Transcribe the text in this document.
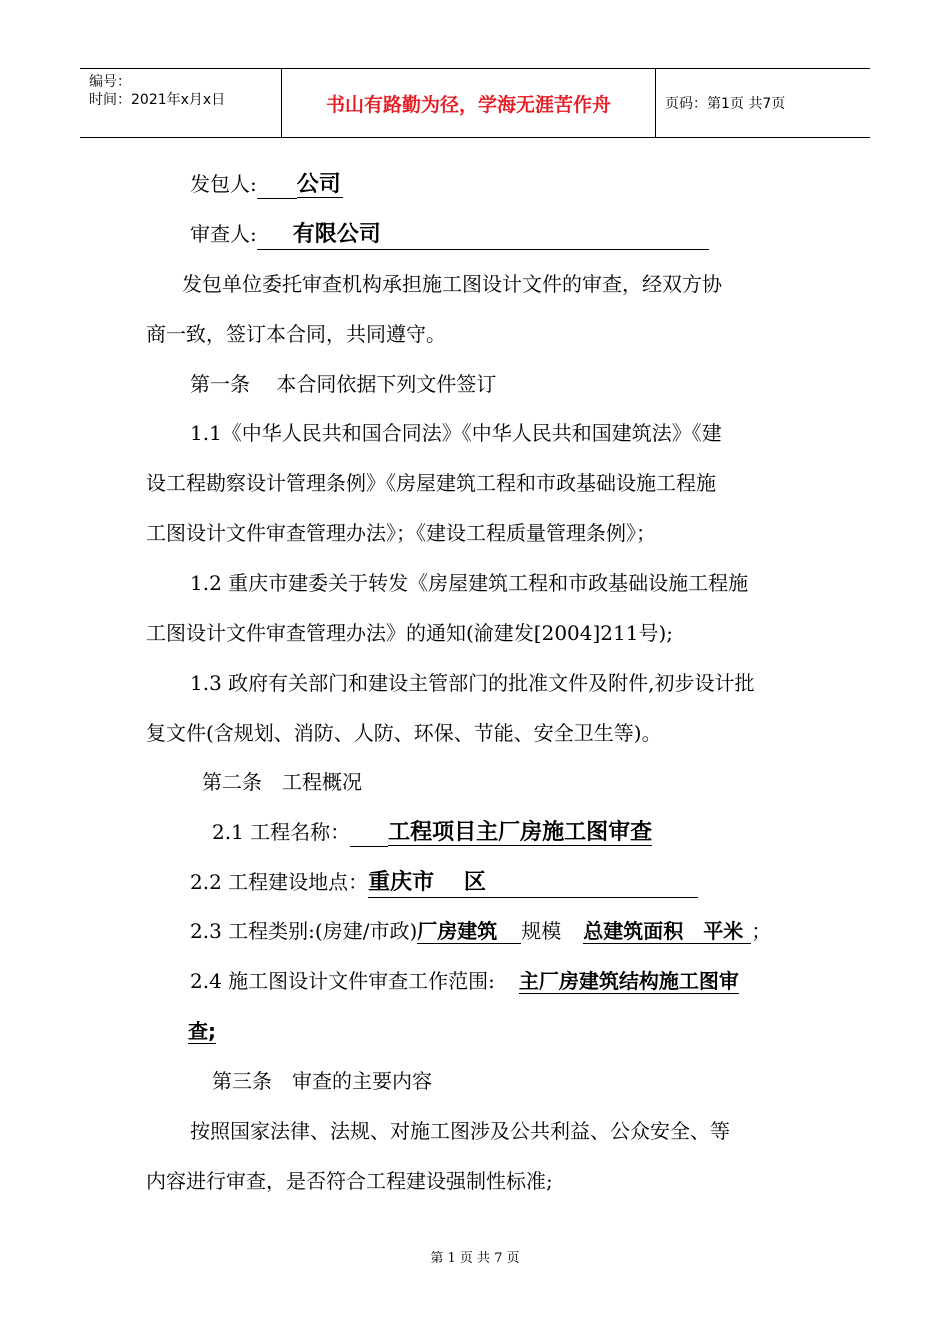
编号：
时间：2021年x月x日	书山有路勤为径，学海无涯苦作舟	页码：第1页 共7页
发包人: 公司
审查人: 有限公司
发包单位委托审查机构承担施工图设计文件的审查，经双方协
商一致，签订本合同，共同遵守。
第一条　 本合同依据下列文件签订
1.1《中华人民共和国合同法》《中华人民共和国建筑法》《建
设工程勘察设计管理条例》《房屋建筑工程和市政基础设施工程施
工图设计文件审查管理办法》；《建设工程质量管理条例》；
1.2 重庆市建委关于转发《房屋建筑工程和市政基础设施工程施
工图设计文件审查管理办法》的通知(渝建发[2004]211号);
1.3 政府有关部门和建设主管部门的批准文件及附件,初步设计批
复文件(含规划、消防、人防、环保、节能、安全卫生等)。
第二条　工程概况
2.1 工程名称： 工程项目主厂房施工图审查
2.2 工程建设地点：重庆市　 区
2.3 工程类别:(房建/市政)厂房建筑 规模 总建筑面积　平米 ；
2.4 施工图设计文件审查工作范围: 主厂房建筑结构施工图审
查;
第三条　审查的主要内容
按照国家法律、法规、对施工图涉及公共利益、公众安全、等
内容进行审查，是否符合工程建设强制性标准;
第 1 页 共 7 页
